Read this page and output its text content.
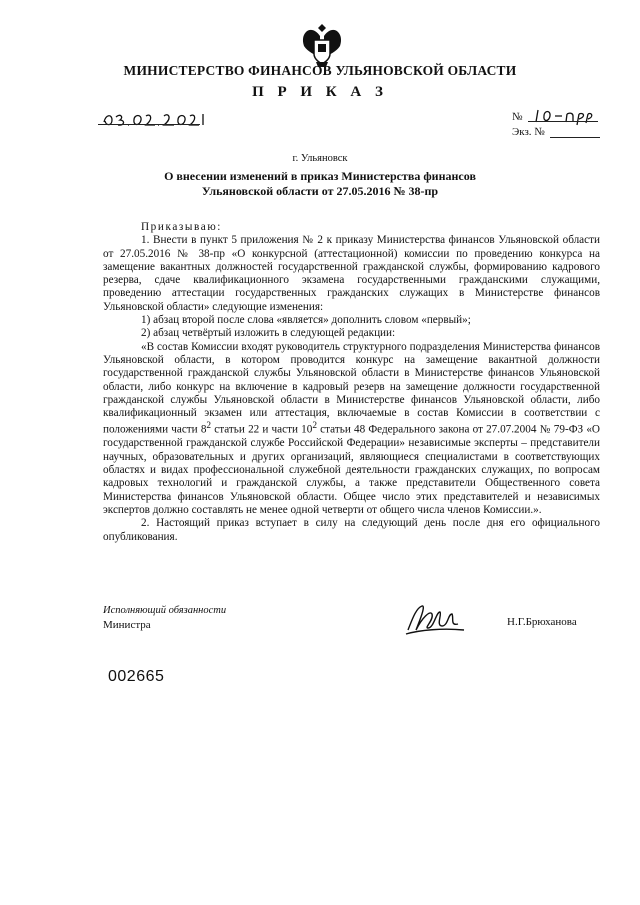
МИНИСТЕРСТВО ФИНАНСОВ УЛЬЯНОВСКОЙ ОБЛАСТИ
П Р И К А З
№
Экз. №
г. Ульяновск
О внесении изменений в приказ Министерства финансов
Ульяновской области от 27.05.2016 № 38-пр

Приказываю:

1. Внести в пункт 5 приложения № 2 к приказу Министерства финансов Ульяновской области от 27.05.2016 № 38-пр «О конкурсной (аттестационной) комиссии по проведению конкурса на замещение вакантных должностей государственной гражданской службы, формированию кадрового резерва, сдаче квалификационного экзамена государственными гражданскими служащими, проведению аттестации государственных гражданских служащих в Министерстве финансов Ульяновской области» следующие изменения:

1) абзац второй после слова «является» дополнить словом «первый»;

2) абзац четвёртый изложить в следующей редакции:

«В состав Комиссии входят руководитель структурного подразделения Министерства финансов Ульяновской области, в котором проводится конкурс на замещение вакантной должности государственной гражданской службы Ульяновской области в Министерстве финансов Ульяновской области, либо конкурс на включение в кадровый резерв на замещение должности государственной гражданской службы Ульяновской области в Министерстве финансов Ульяновской области, либо квалификационный экзамен или аттестация, включаемые в состав Комиссии в соответствии с положениями части $8^2$ статьи 22 и части $10^2$ статьи 48 Федерального закона от 27.07.2004 № 79-ФЗ «О государственной гражданской службе Российской Федерации» независимые эксперты – представители научных, образовательных и других организаций, являющиеся специалистами в соответствующих областях и видах профессиональной служебной деятельности гражданских служащих, по вопросам кадровых технологий и гражданской службы, а также представители Общественного совета Министерства финансов Ульяновской области. Общее число этих представителей и независимых экспертов должно составлять не менее одной четверти от общего числа членов Комиссии.».

2. Настоящий приказ вступает в силу на следующий день после дня его официального опубликования.

Исполняющий обязанности
Министра	Н.Г.Брюханова
002665
